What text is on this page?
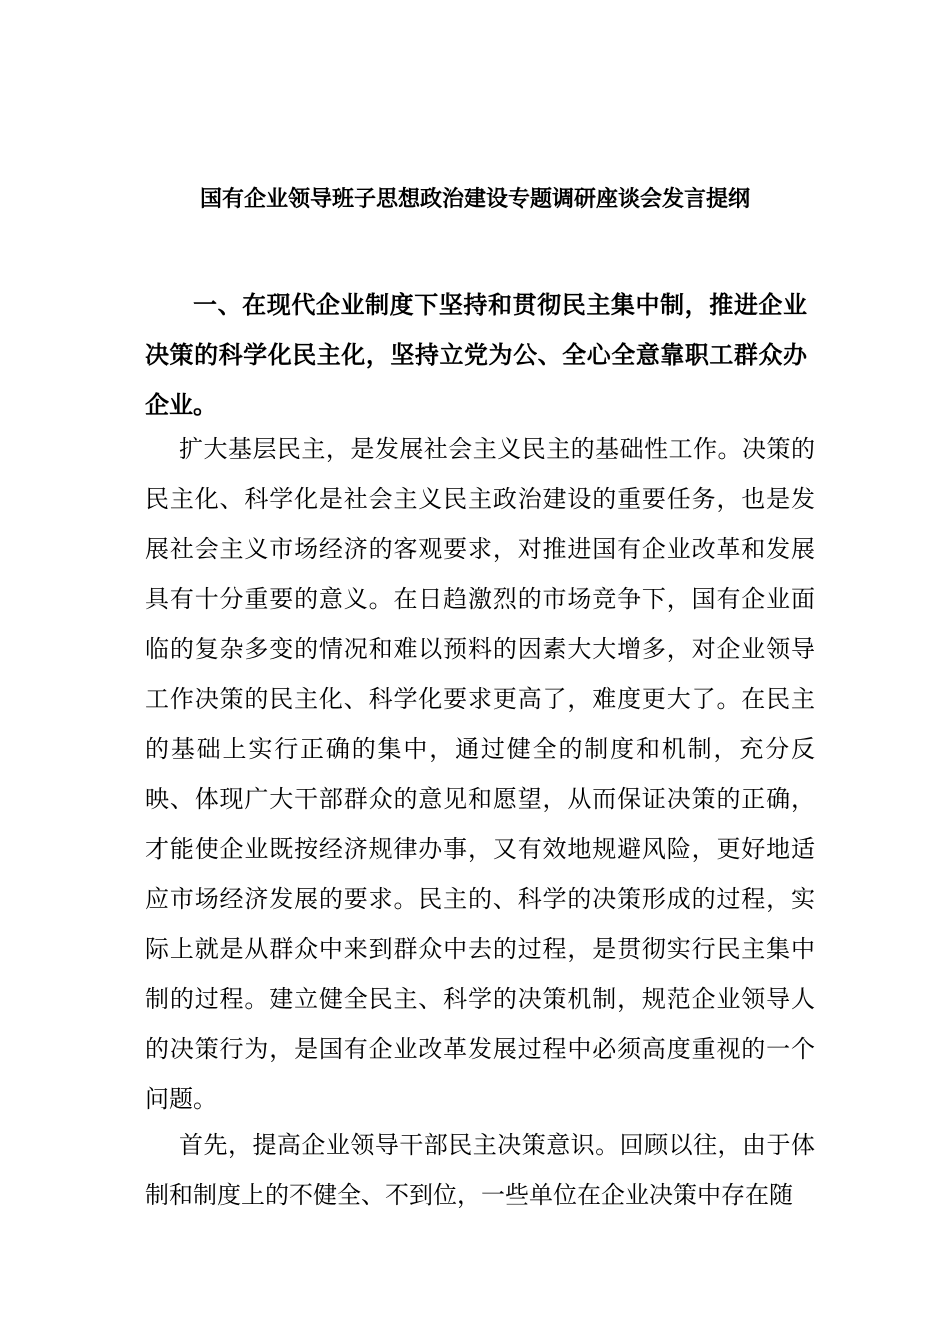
国有企业领导班子思想政治建设专题调研座谈会发言提纲
一、在现代企业制度下坚持和贯彻民主集中制，推进企业决策的科学化民主化，坚持立党为公、全心全意靠职工群众办企业。

扩大基层民主，是发展社会主义民主的基础性工作。决策的民主化、科学化是社会主义民主政治建设的重要任务，也是发展社会主义市场经济的客观要求，对推进国有企业改革和发展具有十分重要的意义。在日趋激烈的市场竞争下，国有企业面临的复杂多变的情况和难以预料的因素大大增多，对企业领导工作决策的民主化、科学化要求更高了，难度更大了。在民主的基础上实行正确的集中，通过健全的制度和机制，充分反映、体现广大干部群众的意见和愿望，从而保证决策的正确，才能使企业既按经济规律办事，又有效地规避风险，更好地适应市场经济发展的要求。民主的、科学的决策形成的过程，实际上就是从群众中来到群众中去的过程，是贯彻实行民主集中制的过程。建立健全民主、科学的决策机制，规范企业领导人的决策行为，是国有企业改革发展过程中必须高度重视的一个问题。

首先，提高企业领导干部民主决策意识。回顾以往，由于体制和制度上的不健全、不到位，一些单位在企业决策中存在随
